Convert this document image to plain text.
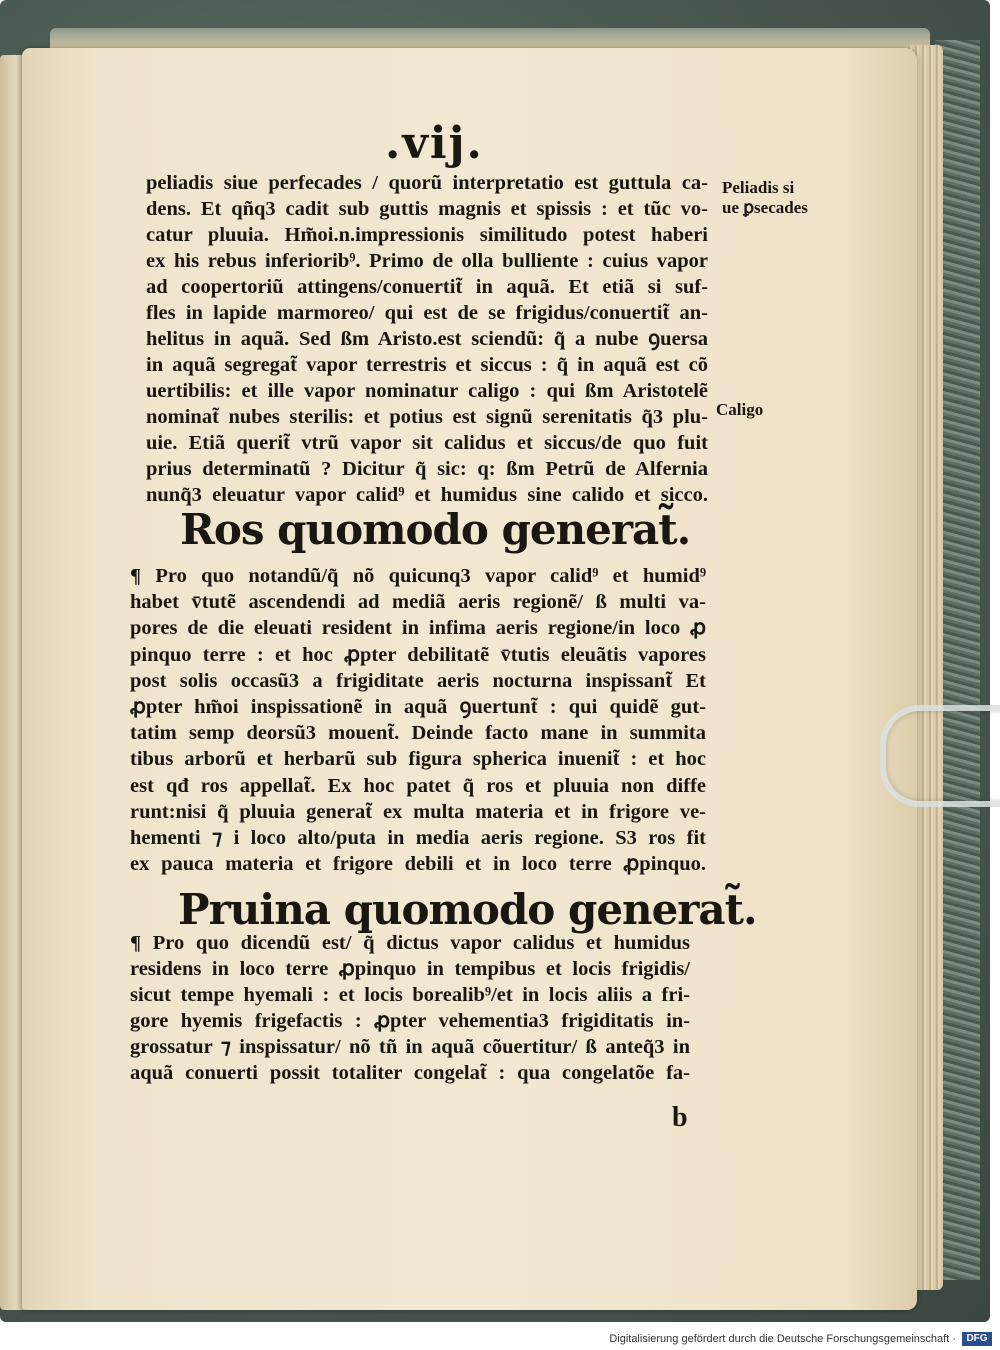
.vij.
peliadis siue perfecades / quorũ interpretatio est guttula ca-
dens. Et qñq3 cadit sub guttis magnis et spissis : et tũc vo-
catur pluuia. Hm̃oi.n.impressionis similitudo potest haberi
ex his rebus inferiorib⁹. Primo de olla bulliente : cuius vapor
ad coopertoriũ attingens/conuertit̃ in aquã. Et etiã si suf-
fles in lapide marmoreo/ qui est de se frigidus/conuertit̃ an-
helitus in aquã. Sed ßm Aristo.est sciendũ: q̃ a nube ꝯuersa
in aquã segregat̃ vapor terrestris et siccus : q̃ in aquã est cõ
uertibilis: et ille vapor nominatur caligo : qui ßm Aristotelẽ
nominat̃ nubes sterilis: et potius est signũ serenitatis q̃3 plu-
uie. Etiã querit̃ vtrũ vapor sit calidus et siccus/de quo fuit
prius determinatũ ? Dicitur q̃ sic: q: ßm Petrũ de Alfernia
nunq̃3 eleuatur vapor calid⁹ et humidus sine calido et sicco.
Ros quomodo generat̃.
¶ Pro quo notandũ/q̃ nõ quicunq3 vapor calid⁹ et humid⁹
habet v̄tutẽ ascendendi ad mediã aeris regionẽ/ ß multi va-
pores de die eleuati resident in infima aeris regione/in loco ꝓ
pinquo terre : et hoc ꝓpter debilitatẽ v̄tutis eleuãtis vapores
post solis occasũ3 a frigiditate aeris nocturna inspissant̃ Et
ꝓpter hm̃oi inspissationẽ in aquã ꝯuertunt̃ : qui quidẽ gut-
tatim semp deorsũ3 mouent̃. Deinde facto mane in summita
tibus arborũ et herbarũ sub figura spherica inuenit̃ : et hoc
est qđ ros appellat̃. Ex hoc patet q̃ ros et pluuia non diffe
runt:nisi q̃ pluuia generat̃ ex multa materia et in frigore ve-
hementi ⁊ i loco alto/puta in media aeris regione. S3 ros fit
ex pauca materia et frigore debili et in loco terre ꝓpinquo.
Pruina quomodo generat̃.
¶ Pro quo dicendũ est/ q̃ dictus vapor calidus et humidus
residens in loco terre ꝓpinquo in tempibus et locis frigidis/
sicut tempe hyemali : et locis borealib⁹/et in locis aliis a fri-
gore hyemis frigefactis : ꝓpter vehementia3 frigiditatis in-
grossatur ⁊ inspissatur/ nõ tñ in aquã cõuertitur/ ß anteq̃3 in
aquã conuerti possit totaliter congelat̃ : qua congelatõe fa-
Peliadis si
ue ꝑsecades
Caligo
b
Digitalisierung gefördert durch die Deutsche Forschungsgemeinschaft ·	DFG
